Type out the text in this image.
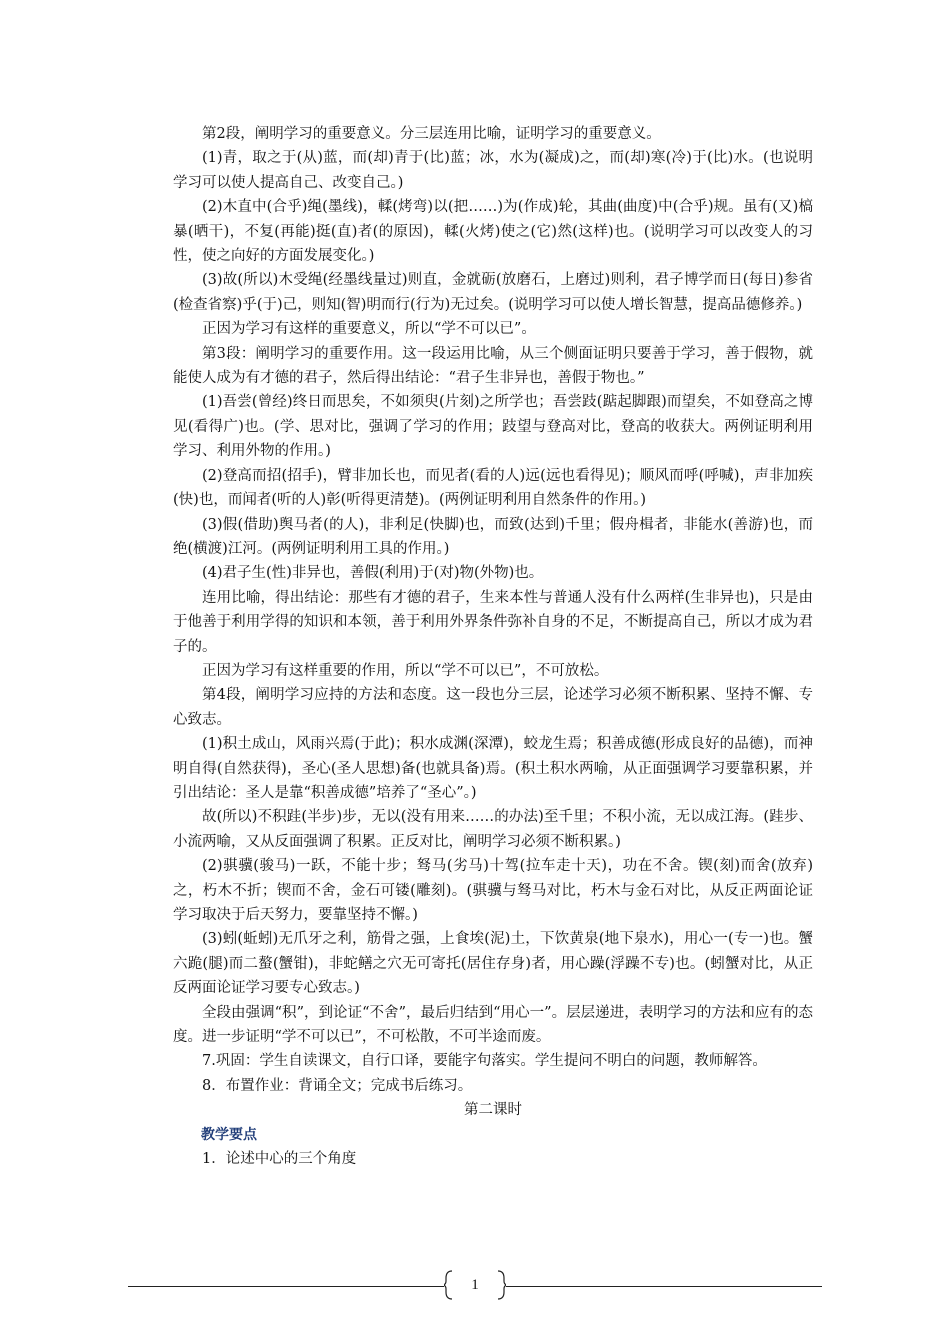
第2段，阐明学习的重要意义。分三层连用比喻，证明学习的重要意义。

(1)青，取之于(从)蓝，而(却)青于(比)蓝；冰，水为(凝成)之，而(却)寒(冷)于(比)水。(也说明学习可以使人提高自己、改变自己。)

(2)木直中(合乎)绳(墨线)，輮(烤弯)以(把……)为(作成)轮，其曲(曲度)中(合乎)规。虽有(又)槁暴(晒干)，不复(再能)挺(直)者(的原因)，輮(火烤)使之(它)然(这样)也。(说明学习可以改变人的习性，使之向好的方面发展变化。)

(3)故(所以)木受绳(经墨线量过)则直，金就砺(放磨石，上磨过)则利，君子博学而日(每日)参省(检查省察)乎(于)己，则知(智)明而行(行为)无过矣。(说明学习可以使人增长智慧，提高品德修养。)

正因为学习有这样的重要意义，所以“学不可以已”。

第3段：阐明学习的重要作用。这一段运用比喻，从三个侧面证明只要善于学习，善于假物，就能使人成为有才德的君子，然后得出结论：“君子生非异也，善假于物也。”

(1)吾尝(曾经)终日而思矣，不如须臾(片刻)之所学也；吾尝跂(踮起脚跟)而望矣，不如登高之博见(看得广)也。(学、思对比，强调了学习的作用；跂望与登高对比，登高的收获大。两例证明利用学习、利用外物的作用。)

(2)登高而招(招手)，臂非加长也，而见者(看的人)远(远也看得见)；顺风而呼(呼喊)，声非加疾(快)也，而闻者(听的人)彰(听得更清楚)。(两例证明利用自然条件的作用。)

(3)假(借助)舆马者(的人)，非利足(快脚)也，而致(达到)千里；假舟楫者，非能水(善游)也，而绝(横渡)江河。(两例证明利用工具的作用。)

(4)君子生(性)非异也，善假(利用)于(对)物(外物)也。

连用比喻，得出结论：那些有才德的君子，生来本性与普通人没有什么两样(生非异也)，只是由于他善于利用学得的知识和本领，善于利用外界条件弥补自身的不足，不断提高自己，所以才成为君子的。

正因为学习有这样重要的作用，所以“学不可以已”，不可放松。

第4段，阐明学习应持的方法和态度。这一段也分三层，论述学习必须不断积累、坚持不懈、专心致志。

(1)积土成山，风雨兴焉(于此)；积水成渊(深潭)，蛟龙生焉；积善成德(形成良好的品德)，而神明自得(自然获得)，圣心(圣人思想)备(也就具备)焉。(积土积水两喻，从正面强调学习要靠积累，并引出结论：圣人是靠“积善成德”培养了“圣心”。)

故(所以)不积跬(半步)步，无以(没有用来……的办法)至千里；不积小流，无以成江海。(跬步、小流两喻，又从反面强调了积累。正反对比，阐明学习必须不断积累。)

(2)骐骥(骏马)一跃，不能十步；驽马(劣马)十驾(拉车走十天)，功在不舍。锲(刻)而舍(放弃)之，朽木不折；锲而不舍，金石可镂(雕刻)。(骐骥与驽马对比，朽木与金石对比，从反正两面论证学习取决于后天努力，要靠坚持不懈。)

(3)蚓(蚯蚓)无爪牙之利，筋骨之强，上食埃(泥)土，下饮黄泉(地下泉水)，用心一(专一)也。蟹六跪(腿)而二螯(蟹钳)，非蛇鳝之穴无可寄托(居住存身)者，用心躁(浮躁不专)也。(蚓蟹对比，从正反两面论证学习要专心致志。)

全段由强调“积”，到论证“不舍”，最后归结到“用心一”。层层递进，表明学习的方法和应有的态度。进一步证明“学不可以已”，不可松散，不可半途而废。

7.巩固：学生自读课文，自行口译，要能字句落实。学生提问不明白的问题，教师解答。

8．布置作业：背诵全文；完成书后练习。

第二课时

教学要点

1．论述中心的三个角度

1
